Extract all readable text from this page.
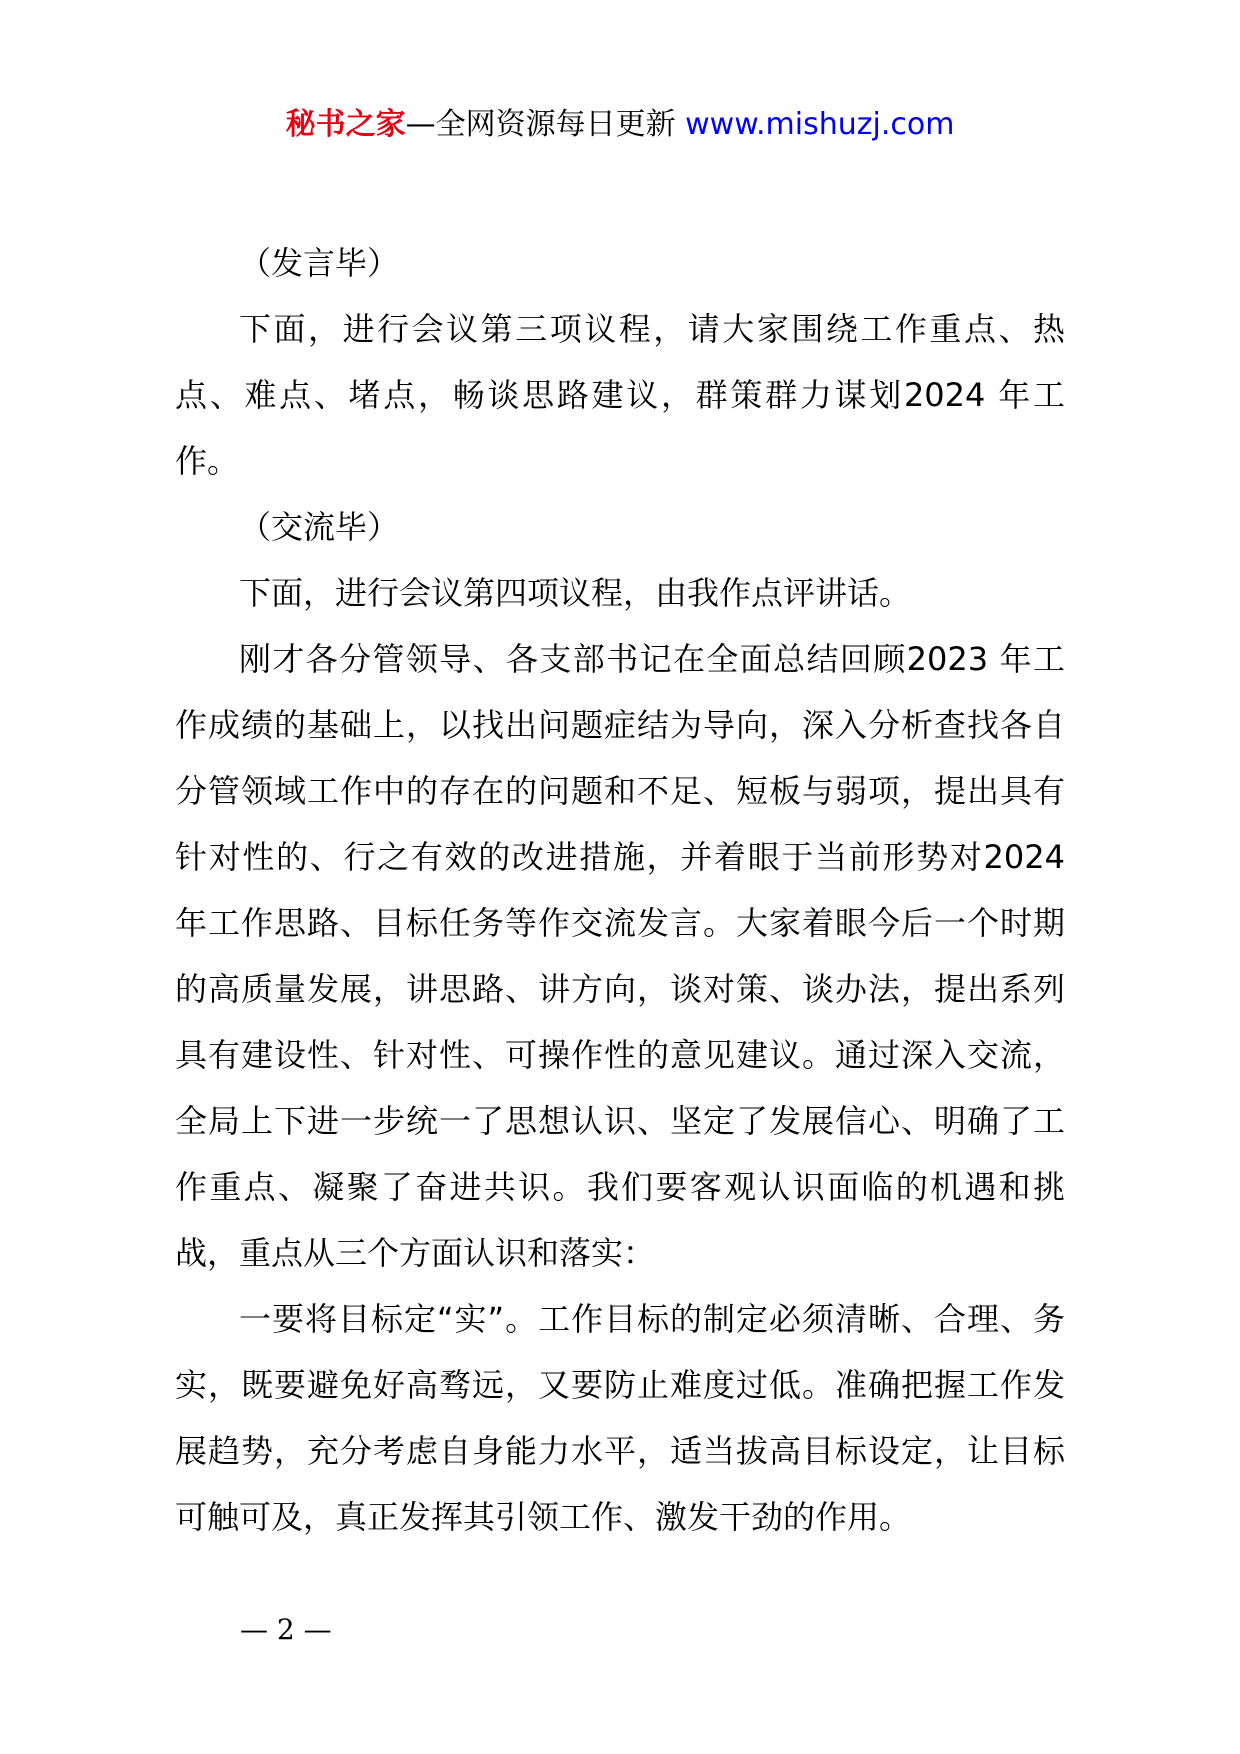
秘书之家—全网资源每日更新 www.mishuzj.com

（发言毕）

下面，进行会议第三项议程，请大家围绕工作重点、热点、难点、堵点，畅谈思路建议，群策群力谋划2024 年工作。

（交流毕）

下面，进行会议第四项议程，由我作点评讲话。

刚才各分管领导、各支部书记在全面总结回顾2023 年工作成绩的基础上，以找出问题症结为导向，深入分析查找各自分管领域工作中的存在的问题和不足、短板与弱项，提出具有针对性的、行之有效的改进措施，并着眼于当前形势对2024 年工作思路、目标任务等作交流发言。大家着眼今后一个时期的高质量发展，讲思路、讲方向，谈对策、谈办法，提出系列具有建设性、针对性、可操作性的意见建议。通过深入交流，全局上下进一步统一了思想认识、坚定了发展信心、明确了工作重点、凝聚了奋进共识。我们要客观认识面临的机遇和挑战，重点从三个方面认识和落实：

一要将目标定“实”。工作目标的制定必须清晰、合理、务实，既要避免好高骛远，又要防止难度过低。准确把握工作发展趋势，充分考虑自身能力水平，适当拔高目标设定，让目标可触可及，真正发挥其引领工作、激发干劲的作用。

— 2 —
